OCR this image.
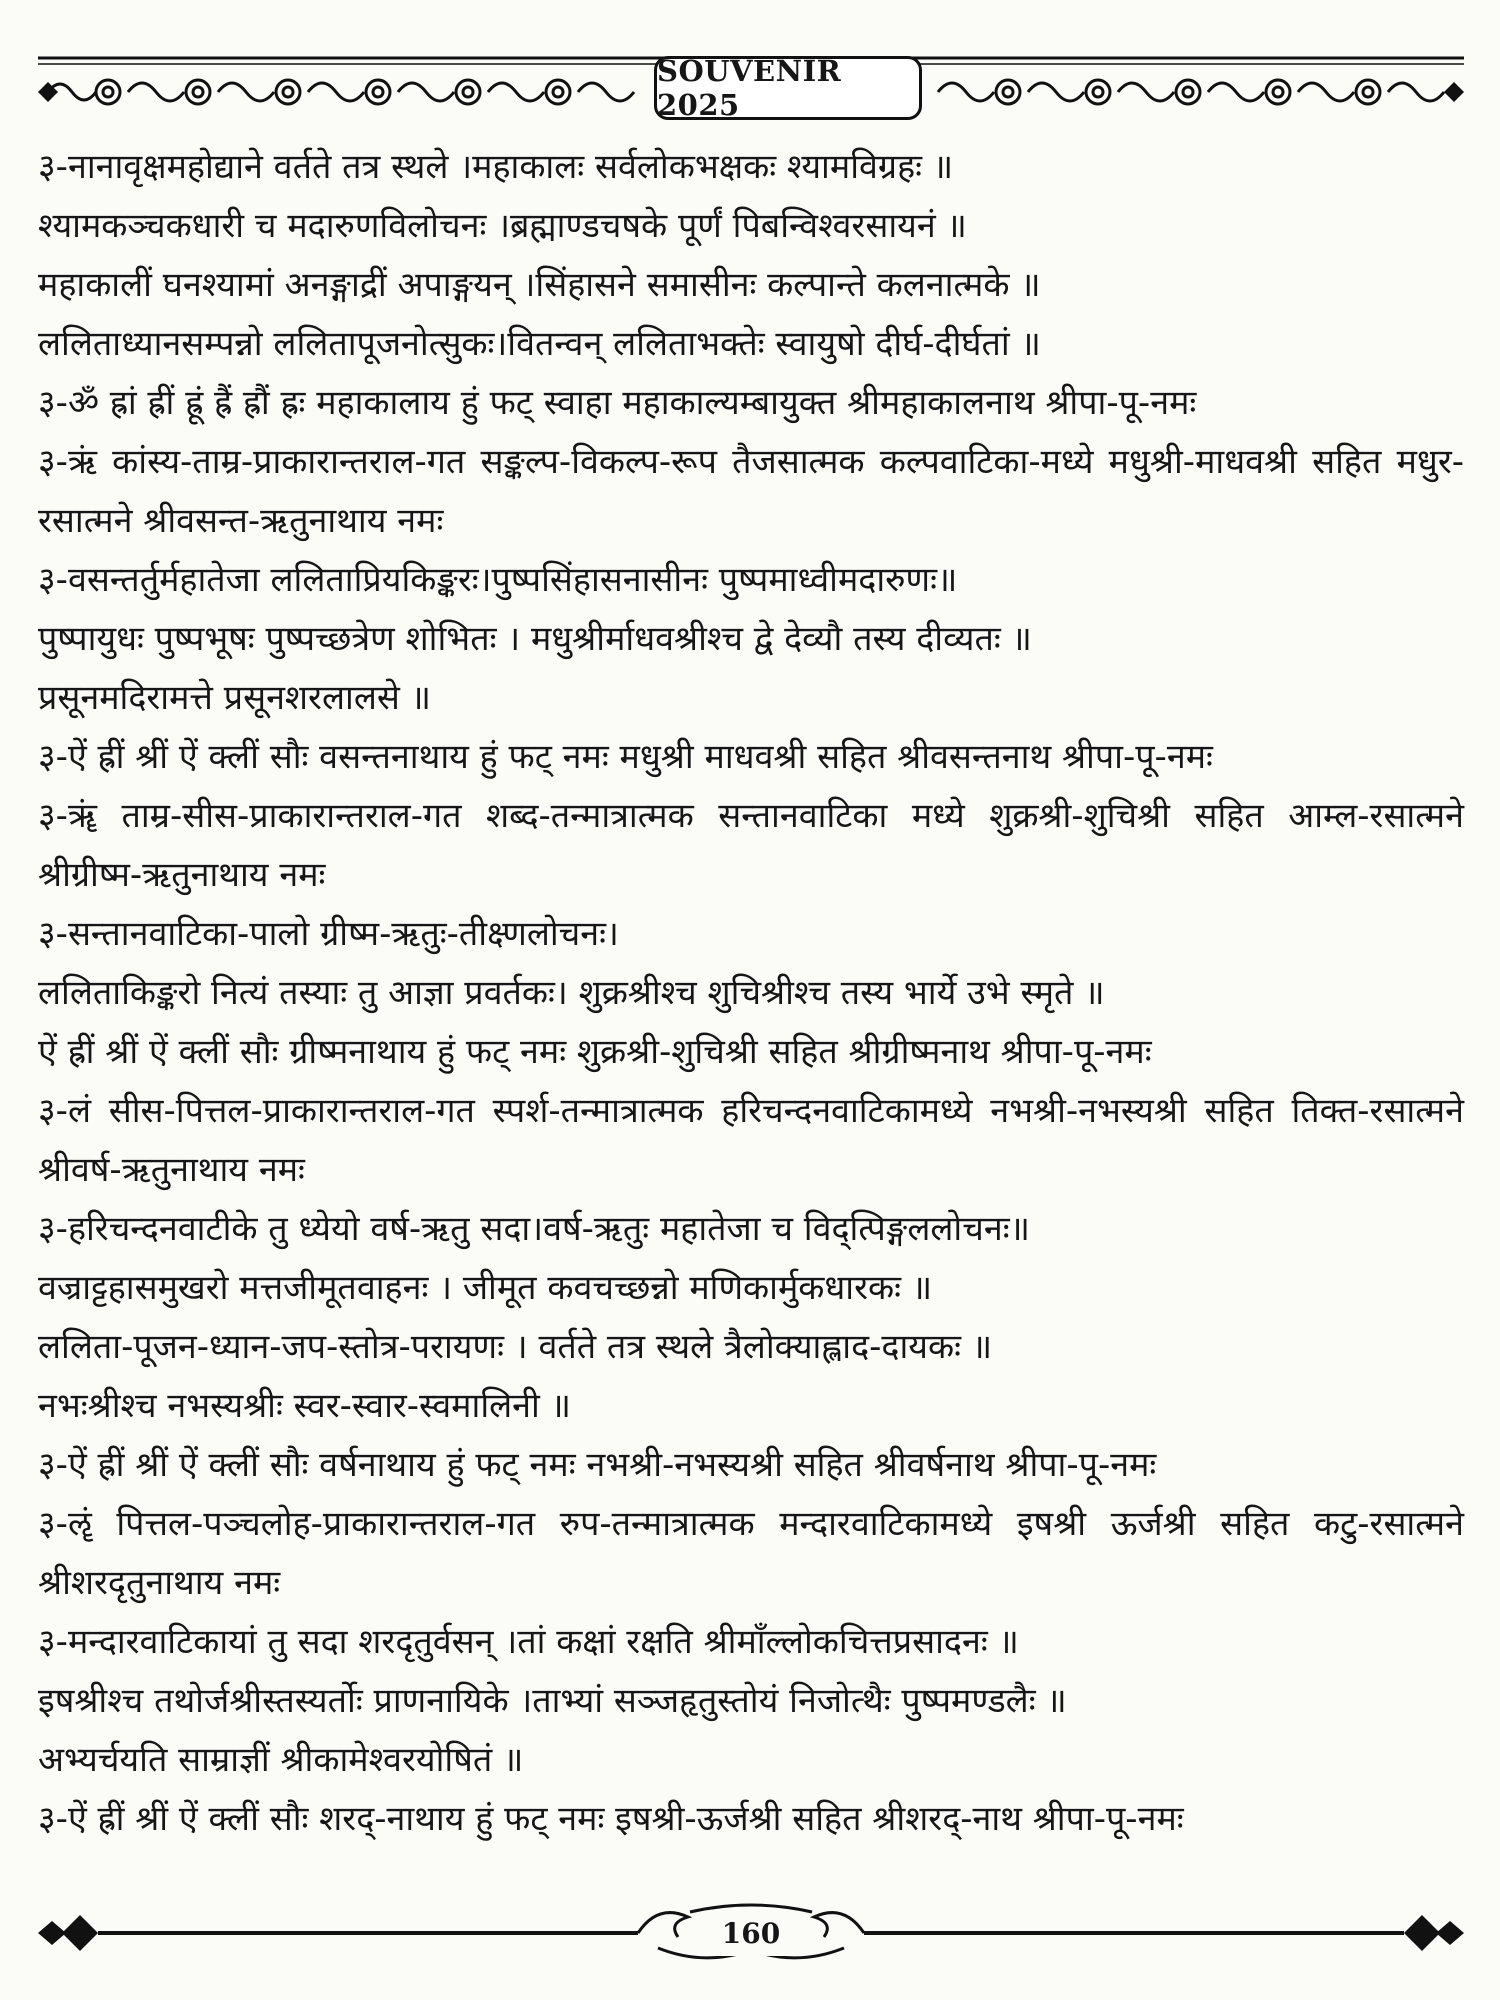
SOUVENIR 2025
३-नानावृक्षमहोद्याने वर्तते तत्र स्थले ।महाकालः सर्वलोकभक्षकः श्यामविग्रहः ॥
श्यामकञ्चकधारी च मदारुणविलोचनः ।ब्रह्माण्डचषके पूर्णं पिबन्विश्वरसायनं ॥
महाकालीं घनश्यामां अनङ्गाद्रीं अपाङ्गयन् ।सिंहासने समासीनः कल्पान्ते कलनात्मके ॥
ललिताध्यानसम्पन्नो ललितापूजनोत्सुकः।वितन्वन् ललिताभक्तेः स्वायुषो दीर्घ-दीर्घतां ॥
३-ॐ ह्रां ह्रीं ह्रूं ह्रैं ह्रौं ह्रः महाकालाय हुं फट् स्वाहा महाकाल्यम्बायुक्त श्रीमहाकालनाथ श्रीपा-पू-नमः
३-ऋं कांस्य-ताम्र-प्राकारान्तराल-गत सङ्कल्प-विकल्प-रूप तैजसात्मक कल्पवाटिका-मध्ये मधुश्री-माधवश्री सहित मधुर-रसात्मने श्रीवसन्त-ऋतुनाथाय नमः
३-वसन्तर्तुर्महातेजा ललिताप्रियकिङ्करः।पुष्पसिंहासनासीनः पुष्पमाध्वीमदारुणः॥
पुष्पायुधः पुष्पभूषः पुष्पच्छत्रेण शोभितः । मधुश्रीर्माधवश्रीश्च द्वे देव्यौ तस्य दीव्यतः ॥
प्रसूनमदिरामत्ते प्रसूनशरलालसे ॥
३-ऐं ह्रीं श्रीं ऐं क्लीं सौः वसन्तनाथाय हुं फट् नमः मधुश्री माधवश्री सहित श्रीवसन्तनाथ श्रीपा-पू-नमः
३-ॠं ताम्र-सीस-प्राकारान्तराल-गत शब्द-तन्मात्रात्मक सन्तानवाटिका मध्ये शुक्रश्री-शुचिश्री सहित आम्ल-रसात्मने श्रीग्रीष्म-ऋतुनाथाय नमः
३-सन्तानवाटिका-पालो ग्रीष्म-ऋतुः-तीक्ष्णलोचनः।
ललिताकिङ्करो नित्यं तस्याः तु आज्ञा प्रवर्तकः। शुक्रश्रीश्च शुचिश्रीश्च तस्य भार्ये उभे स्मृते ॥
ऐं ह्रीं श्रीं ऐं क्लीं सौः ग्रीष्मनाथाय हुं फट् नमः शुक्रश्री-शुचिश्री सहित श्रीग्रीष्मनाथ श्रीपा-पू-नमः
३-लं सीस-पित्तल-प्राकारान्तराल-गत स्पर्श-तन्मात्रात्मक हरिचन्दनवाटिकामध्ये नभश्री-नभस्यश्री सहित तिक्त-रसात्मने श्रीवर्ष-ऋतुनाथाय नमः
३-हरिचन्दनवाटीके तु ध्येयो वर्ष-ऋतु सदा।वर्ष-ऋतुः महातेजा च विद्त्पिङ्गललोचनः॥
वज्राट्टहासमुखरो मत्तजीमूतवाहनः । जीमूत कवचच्छन्नो मणिकार्मुकधारकः ॥
ललिता-पूजन-ध्यान-जप-स्तोत्र-परायणः । वर्तते तत्र स्थले त्रैलोक्याह्लाद-दायकः ॥
नभःश्रीश्च नभस्यश्रीः स्वर-स्वार-स्वमालिनी ॥
३-ऐं ह्रीं श्रीं ऐं क्लीं सौः वर्षनाथाय हुं फट् नमः नभश्री-नभस्यश्री सहित श्रीवर्षनाथ श्रीपा-पू-नमः
३-ॡं पित्तल-पञ्चलोह-प्राकारान्तराल-गत रुप-तन्मात्रात्मक मन्दारवाटिकामध्ये इषश्री ऊर्जश्री सहित कटु-रसात्मने श्रीशरदृतुनाथाय नमः
३-मन्दारवाटिकायां तु सदा शरदृतुर्वसन् ।तां कक्षां रक्षति श्रीमाँल्लोकचित्तप्रसादनः ॥
इषश्रीश्च तथोर्जश्रीस्तस्यर्तोः प्राणनायिके ।ताभ्यां सञ्जहृतुस्तोयं निजोत्थैः पुष्पमण्डलैः ॥
अभ्यर्चयति साम्राज्ञीं श्रीकामेश्वरयोषितं ॥
३-ऐं ह्रीं श्रीं ऐं क्लीं सौः शरद्-नाथाय हुं फट् नमः इषश्री-ऊर्जश्री सहित श्रीशरद्-नाथ श्रीपा-पू-नमः
160
